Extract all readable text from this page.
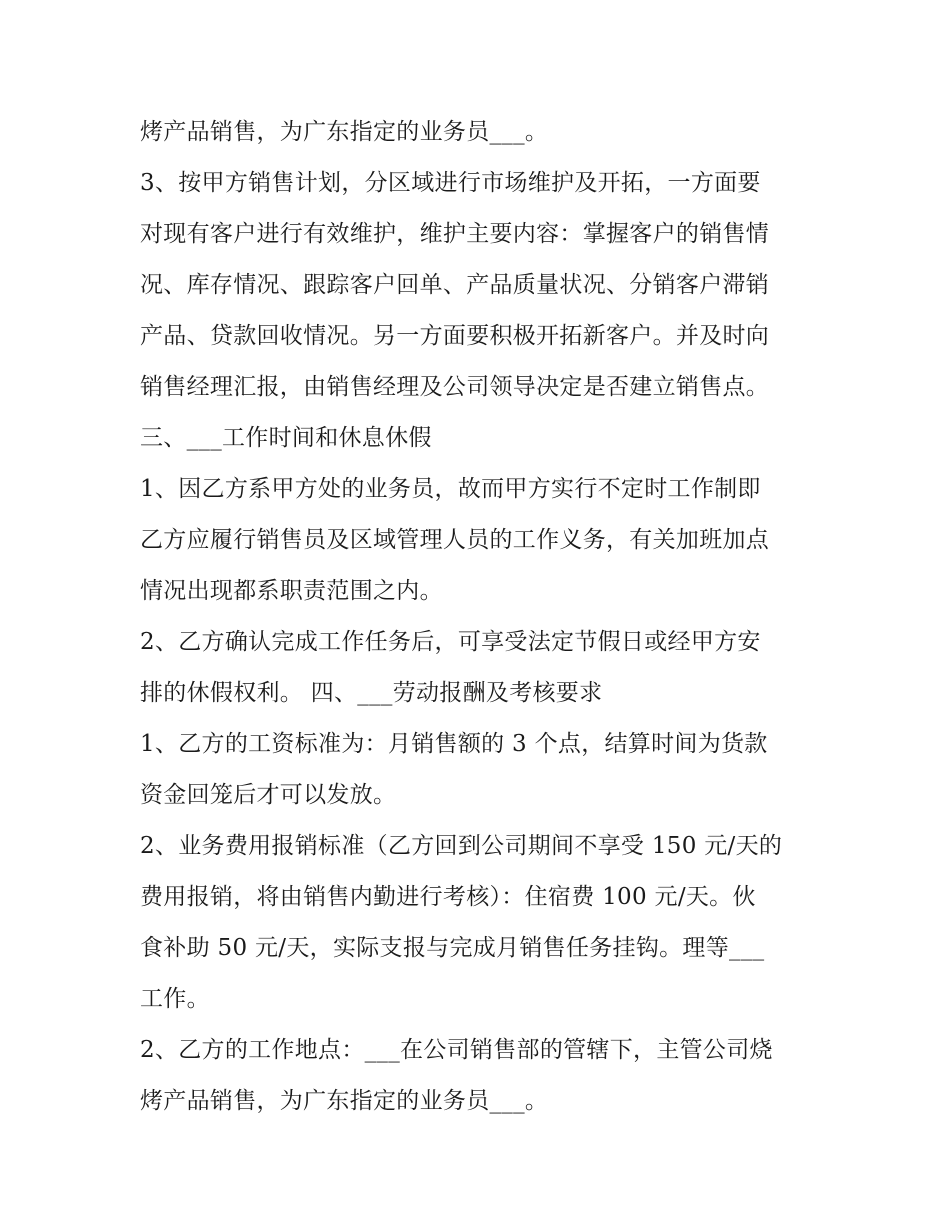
烤产品销售，为广东指定的业务员___。
3、按甲方销售计划，分区域进行市场维护及开拓，一方面要
对现有客户进行有效维护，维护主要内容：掌握客户的销售情
况、库存情况、跟踪客户回单、产品质量状况、分销客户滞销
产品、贷款回收情况。另一方面要积极开拓新客户。并及时向
销售经理汇报，由销售经理及公司领导决定是否建立销售点。
三、___工作时间和休息休假
1、因乙方系甲方处的业务员，故而甲方实行不定时工作制即
乙方应履行销售员及区域管理人员的工作义务，有关加班加点
情况出现都系职责范围之内。
2、乙方确认完成工作任务后，可享受法定节假日或经甲方安
排的休假权利。 四、___劳动报酬及考核要求
1、乙方的工资标准为：月销售额的 3 个点，结算时间为货款
资金回笼后才可以发放。
2、业务费用报销标准（乙方回到公司期间不享受 150 元/天的
费用报销，将由销售内勤进行考核）：住宿费 100 元/天。伙
食补助 50 元/天，实际支报与完成月销售任务挂钩。理等___
工作。
2、乙方的工作地点：___在公司销售部的管辖下，主管公司烧
烤产品销售，为广东指定的业务员___。
